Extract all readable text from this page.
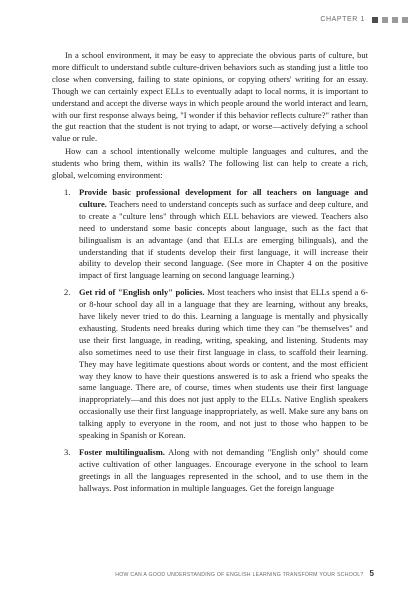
CHAPTER 1

In a school environment, it may be easy to appreciate the obvious parts of culture, but more difficult to understand subtle culture-driven behaviors such as standing just a little too close when conversing, failing to state opinions, or copying others' writing for an essay. Though we can certainly expect ELLs to eventually adapt to local norms, it is important to understand and accept the diverse ways in which people around the world interact and learn, with our first response always being, "I wonder if this behavior reflects culture?" rather than the gut reaction that the student is not trying to adapt, or worse—actively defying a school value or rule.

How can a school intentionally welcome multiple languages and cultures, and the students who bring them, within its walls? The following list can help to create a rich, global, welcoming environment:

1. Provide basic professional development for all teachers on language and culture. Teachers need to understand concepts such as surface and deep culture, and to create a "culture lens" through which ELL behaviors are viewed. Teachers also need to understand some basic concepts about language, such as the fact that bilingualism is an advantage (and that ELLs are emerging bilinguals), and the understanding that if students develop their first language, it will increase their ability to develop their second language. (See more in Chapter 4 on the positive impact of first language learning on second language learning.)
2. Get rid of "English only" policies. Most teachers who insist that ELLs spend a 6- or 8-hour school day all in a language that they are learning, without any breaks, have likely never tried to do this. Learning a language is mentally and physically exhausting. Students need breaks during which time they can "be themselves" and use their first language, in reading, writing, speaking, and listening. Students may also sometimes need to use their first language in class, to scaffold their learning. They may have legitimate questions about words or content, and the most efficient way they know to have their questions answered is to ask a friend who speaks the same language. There are, of course, times when students use their first language inappropriately—and this does not just apply to the ELLs. Native English speakers occasionally use their first language inappropriately, as well. Make sure any bans on talking apply to everyone in the room, and not just to those who happen to be speaking in Spanish or Korean.
3. Foster multilingualism. Along with not demanding "English only" should come active cultivation of other languages. Encourage everyone in the school to learn greetings in all the languages represented in the school, and to use them in the hallways. Post information in multiple languages. Get the foreign language
HOW CAN A GOOD UNDERSTANDING OF ENGLISH LEARNING TRANSFORM YOUR SCHOOL? 5
